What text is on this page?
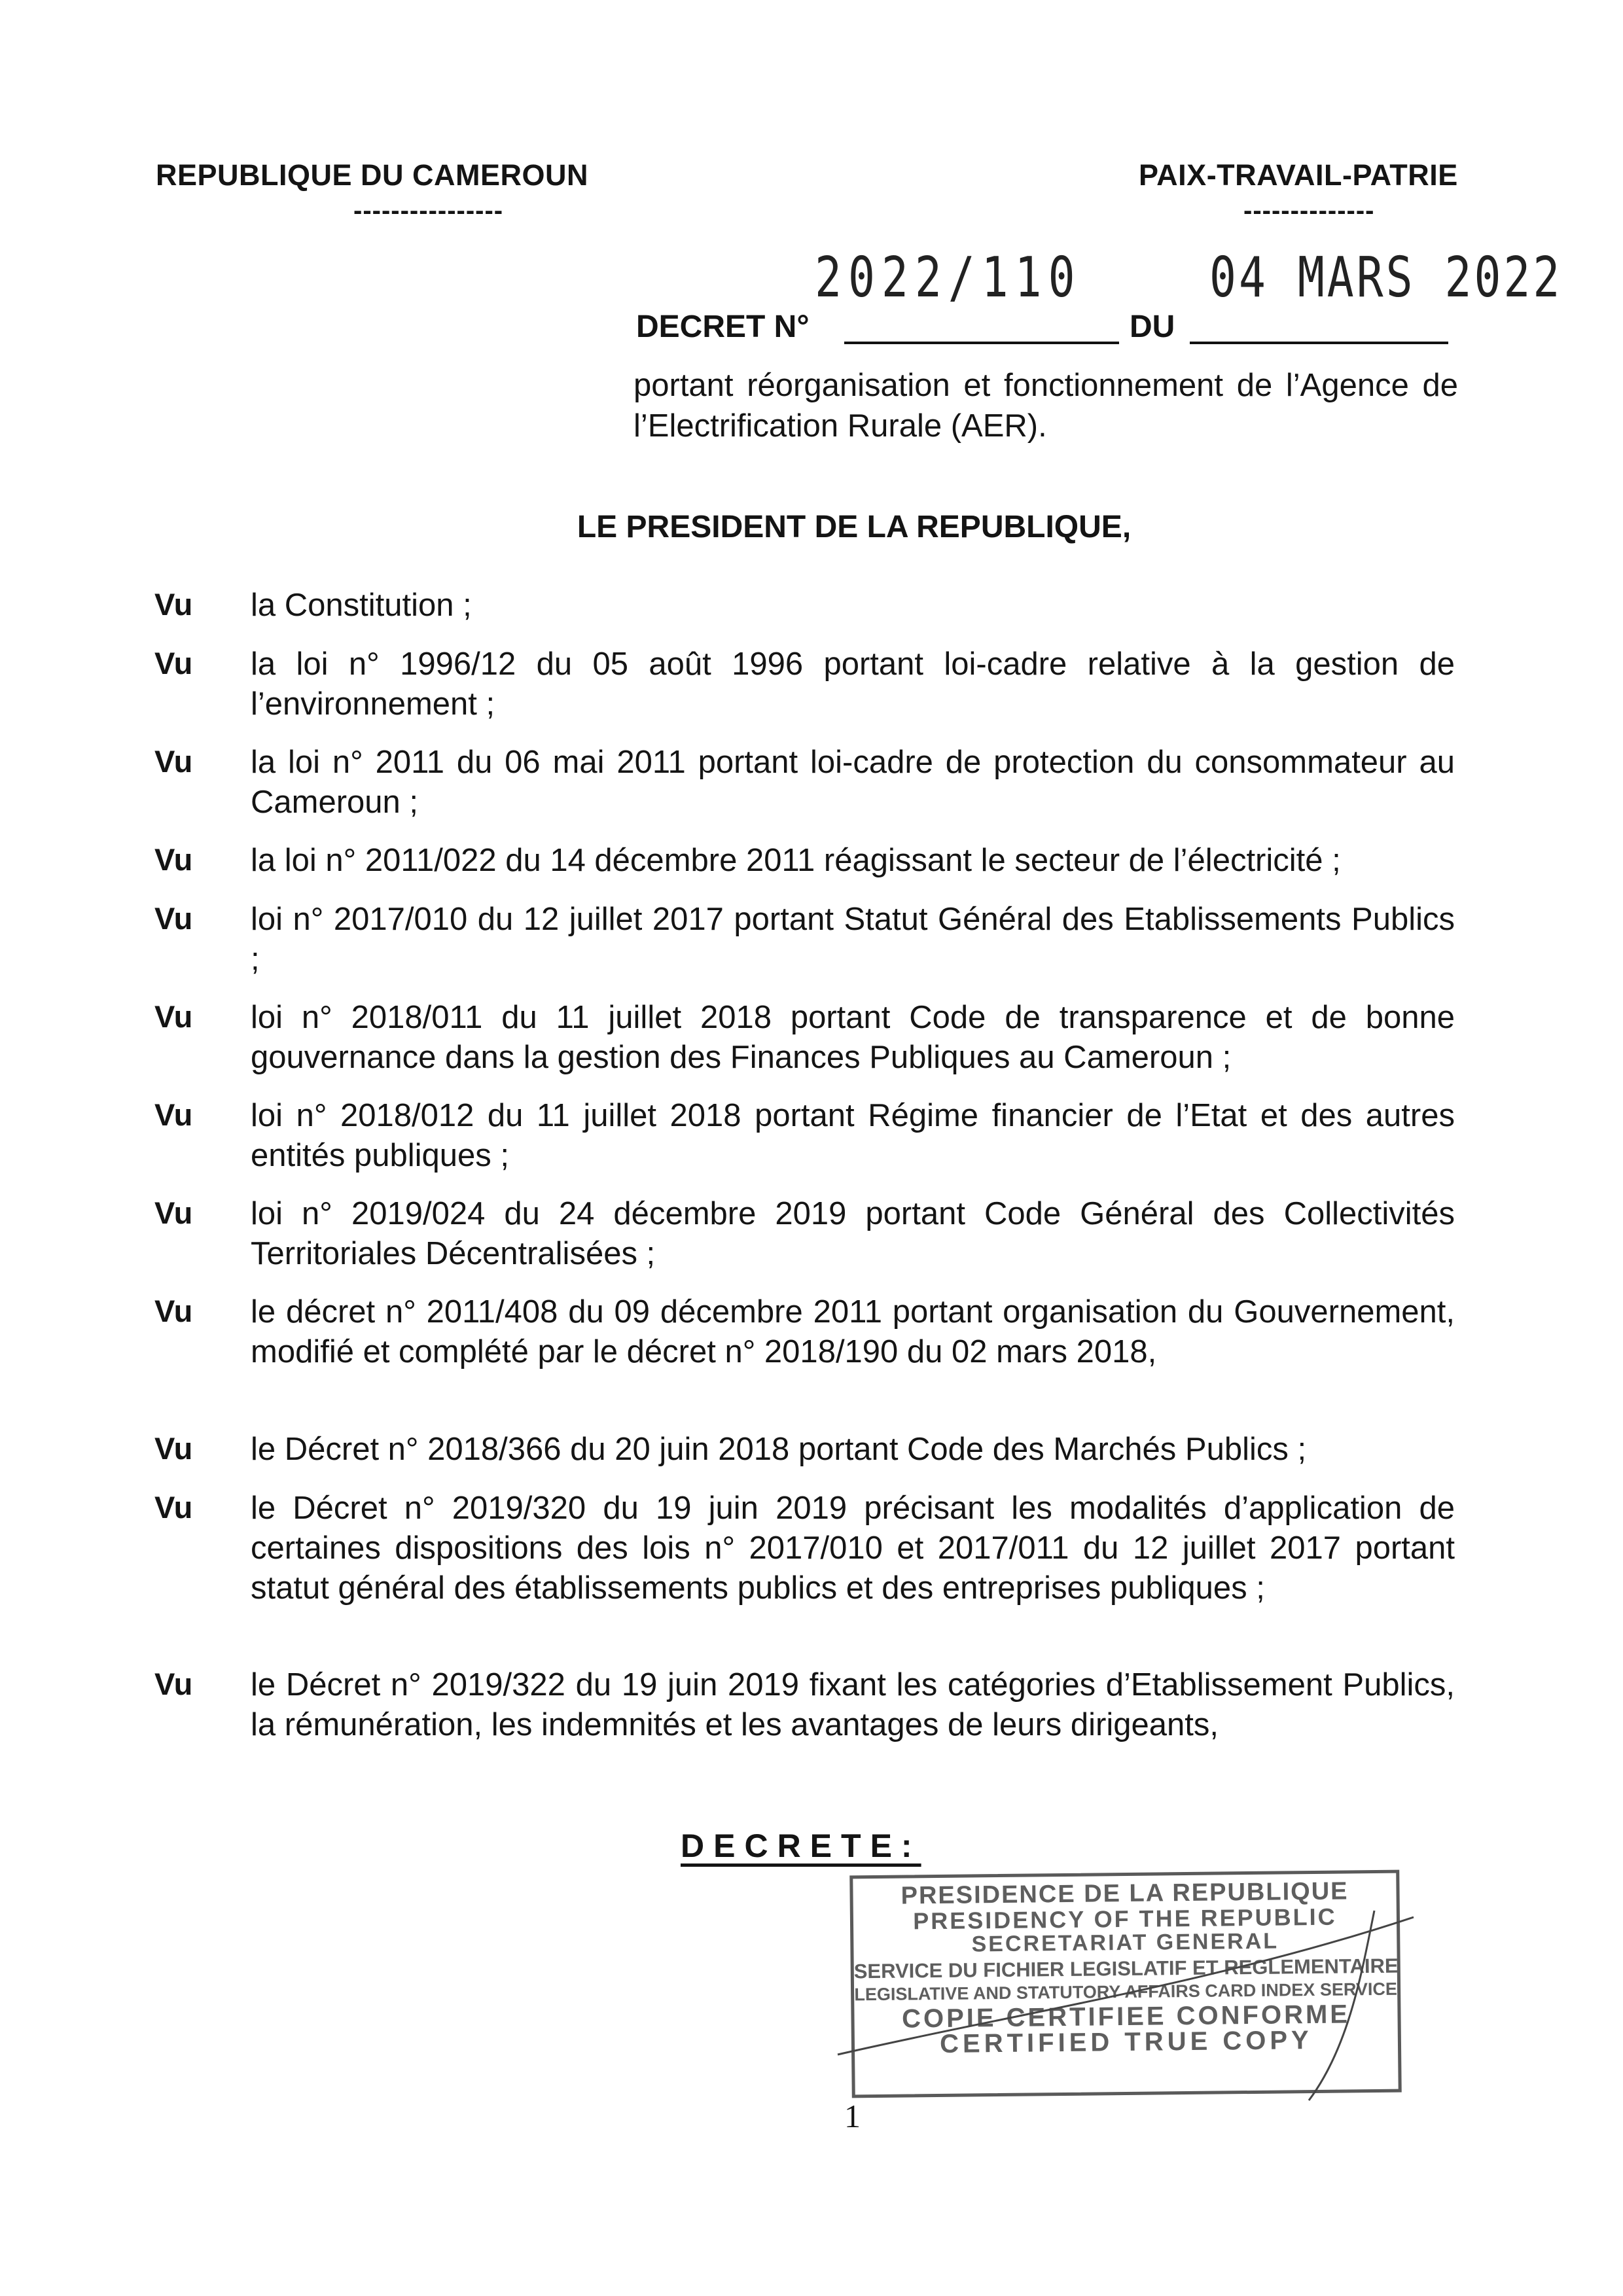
REPUBLIQUE DU CAMEROUN
----------------
PAIX-TRAVAIL-PATRIE
--------------
DECRET N°
2022/110
DU
04 MARS 2022
portant réorganisation et fonctionnement de l’Agence de l’Electrification Rurale (AER).
LE PRESIDENT DE LA REPUBLIQUE,
Vu la Constitution ;
Vu la loi n° 1996/12 du 05 août 1996 portant loi-cadre relative à la gestion de l’environnement ;
Vu la loi n° 2011 du 06 mai 2011 portant loi-cadre de protection du consommateur au Cameroun ;
Vu la loi n° 2011/022 du 14 décembre 2011 réagissant le secteur de l’électricité ;
Vu loi n° 2017/010 du 12 juillet 2017 portant Statut Général des Etablissements Publics ;
Vu loi n° 2018/011 du 11 juillet 2018 portant Code de transparence et de bonne gouvernance dans la gestion des Finances Publiques au Cameroun ;
Vu loi n° 2018/012 du 11 juillet 2018 portant Régime financier de l’Etat et des autres entités publiques ;
Vu loi n° 2019/024 du 24 décembre 2019 portant Code Général des Collectivités Territoriales Décentralisées ;
Vu le décret n° 2011/408 du 09 décembre 2011 portant organisation du Gouvernement, modifié et complété par le décret n° 2018/190 du 02 mars 2018,
Vu le Décret n° 2018/366 du 20 juin 2018 portant Code des Marchés Publics ;
Vu le Décret n° 2019/320 du 19 juin 2019 précisant les modalités d’application de certaines dispositions des lois n° 2017/010 et 2017/011 du 12 juillet 2017 portant statut général des établissements publics et des entreprises publiques ;
Vu le Décret n° 2019/322 du 19 juin 2019 fixant les catégories d’Etablissement Publics, la rémunération, les indemnités et les avantages de leurs dirigeants,
DECRETE:
PRESIDENCE DE LA REPUBLIQUE
PRESIDENCY OF THE REPUBLIC
SECRETARIAT GENERAL
SERVICE DU FICHIER LEGISLATIF ET REGLEMENTAIRE
LEGISLATIVE AND STATUTORY AFFAIRS CARD INDEX SERVICE
COPIE CERTIFIEE CONFORME
CERTIFIED TRUE COPY
1
